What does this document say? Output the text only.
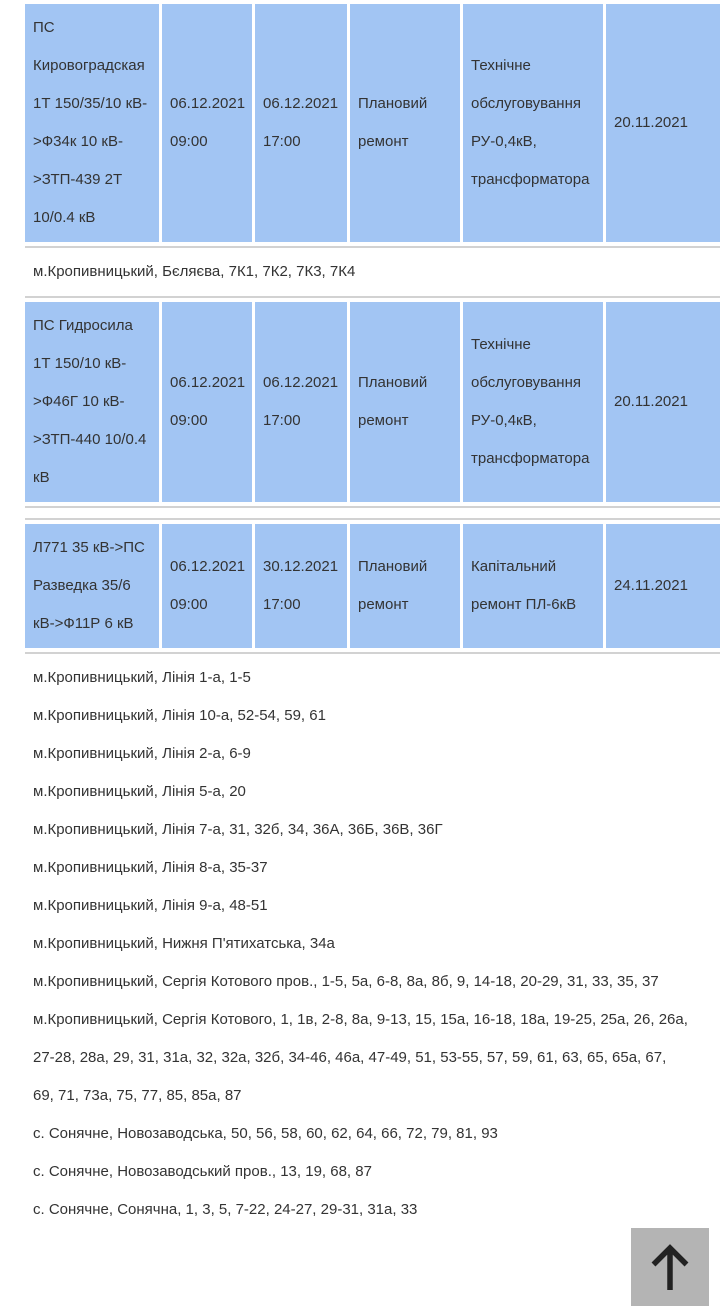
ПС Кировоградская 1Т 150/35/10 кВ->Ф34к 10 кВ->ЗТП-439 2Т 10/0.4 кВ
06.12.2021 09:00
06.12.2021 17:00
Плановий ремонт
Технічне обслуговування РУ-0,4кВ, трансформатора
20.11.2021

м.Кропивницький, Бєляєва, 7К1, 7К2, 7К3, 7К4

ПС Гидросила 1Т 150/10 кВ->Ф46Г 10 кВ->ЗТП-440 10/0.4 кВ
06.12.2021 09:00
06.12.2021 17:00
Плановий ремонт
Технічне обслуговування РУ-0,4кВ, трансформатора
20.11.2021
Л771 35 кВ->ПС Разведка 35/6 кВ->Ф11Р 6 кВ
06.12.2021 09:00
30.12.2021 17:00
Плановий ремонт
Капітальний ремонт ПЛ-6кВ
24.11.2021

м.Кропивницький, Лінія 1-а, 1-5

м.Кропивницький, Лінія 10-а, 52-54, 59, 61

м.Кропивницький, Лінія 2-а, 6-9

м.Кропивницький, Лінія 5-а, 20

м.Кропивницький, Лінія 7-а, 31, 32б, 34, 36А, 36Б, 36В, 36Г

м.Кропивницький, Лінія 8-а, 35-37

м.Кропивницький, Лінія 9-а, 48-51

м.Кропивницький, Нижня П'ятихатська, 34а

м.Кропивницький, Сергія Котового пров., 1-5, 5а, 6-8, 8а, 8б, 9, 14-18, 20-29, 31, 33, 35, 37

м.Кропивницький, Сергія Котового, 1, 1в, 2-8, 8а, 9-13, 15, 15а, 16-18, 18а, 19-25, 25а, 26, 26а, 27-28, 28а, 29, 31, 31а, 32, 32а, 32б, 34-46, 46а, 47-49, 51, 53-55, 57, 59, 61, 63, 65, 65а, 67, 69, 71, 73а, 75, 77, 85, 85а, 87

с. Сонячне, Новозаводська, 50, 56, 58, 60, 62, 64, 66, 72, 79, 81, 93

с. Сонячне, Новозаводський пров., 13, 19, 68, 87

с. Сонячне, Сонячна, 1, 3, 5, 7-22, 24-27, 29-31, 31а, 33
